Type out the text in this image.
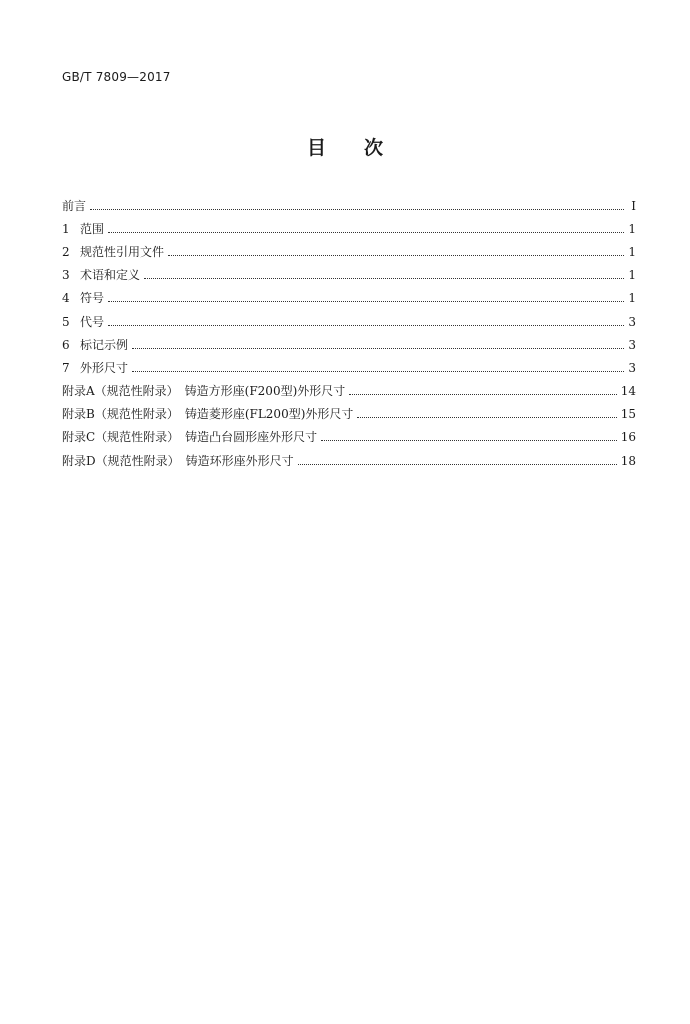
GB/T 7809—2017
目次
前言	Ⅰ
1 范围	1
2 规范性引用文件	1
3 术语和定义	1
4 符号	1
5 代号	3
6 标记示例	3
7 外形尺寸	3
附录A（规范性附录）　铸造方形座(F200型)外形尺寸	14
附录B（规范性附录）　铸造菱形座(FL200型)外形尺寸	15
附录C（规范性附录）　铸造凸台圆形座外形尺寸	16
附录D（规范性附录）　铸造环形座外形尺寸	18
